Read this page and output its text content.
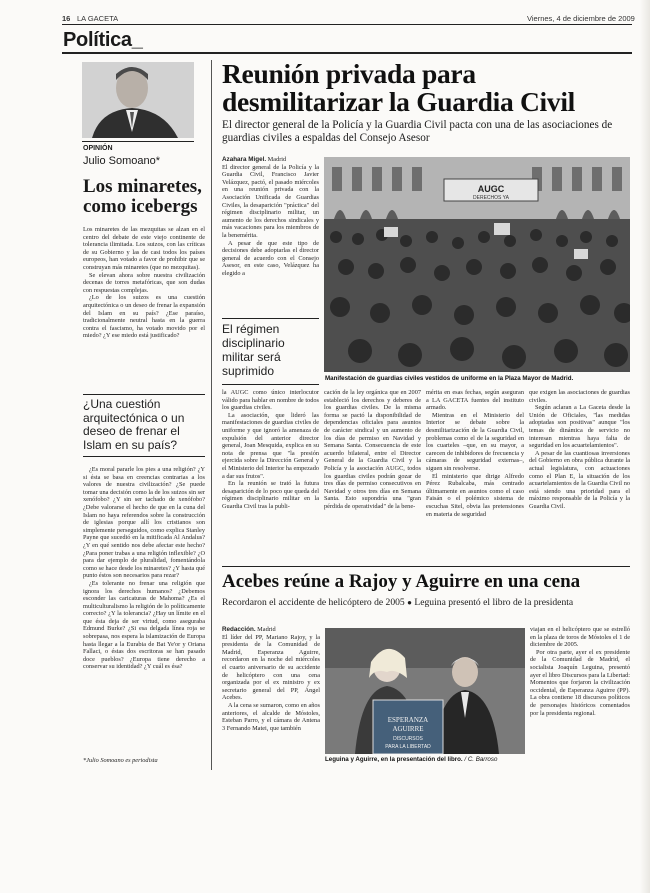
16 LA GACETA	Viernes, 4 de diciembre de 2009
Política_
OPINIÓN
Julio Somoano*
Los minaretes,
como icebergs

Los minaretes de las mezquitas se alzan en el centro del debate de este viejo continente de tolerancia ilimitada. Los suizos, con las críticas de su Gobierno y las de casi todos los países europeos, han votado a favor de prohibir que se construyan más minaretes (que no mezquitas).

Se elevan ahora sobre nuestra civilización decenas de torres metafóricas, que son dudas con respuestas complejas.

¿Lo de los suizos es una cuestión arquitectónica o un deseo de frenar la expansión del Islam en su país? ¿Ese paraíso, tradicionalmente neutral hasta en la guerra contra el fascismo, ha votado movido por el miedo? ¿Y ese miedo está justificado?

¿Una cuestión arquitectónica o un deseo de frenar el Islam en su país?

¿Es moral pararle los pies a una religión? ¿Y si ésta se basa en creencias contrarias a los valores de nuestra civilización? ¿Se puede tomar una decisión como la de los suizos sin ser xenófobo? ¿Y sin ser tachado de xenófobo? ¿Debe valorarse el hecho de que en la cuna del Islam no haya referendos sobre la construcción de iglesias porque allí los cristianos son simplemente perseguidos, como explica Stanley Payne que sucedió en la mitificada Al Andalus? ¿Y en qué sentido nos debe afectar este hecho? ¿Para poner trabas a una religión inflexible? ¿O para dar ejemplo de pluralidad, fomentándola como se hace desde los minaretes? ¿Y hasta qué punto éstos son necesarios para rezar?

¿Es tolerante no frenar una religión que ignora los derechos humanos? ¿Debemos esconder las caricaturas de Mahoma? ¿Es el multiculturalismo la religión de lo políticamente correcto? ¿Y la tolerancia? ¿Hay un límite en el que ésta deja de ser virtud, como aseguraba Edmund Burke? ¿Si esa delgada línea roja se sobrepasa, nos espera la islamización de Europa hasta llegar a la Eurabia de Bat Ye'or y Oriana Fallaci, o éstas dos escritoras se han pasado doce pueblos? ¿Europa tiene derecho a conservar su identidad? ¿Y cuál es ésa?

*Julio Somoano es periodista
Reunión privada para
desmilitarizar la Guardia Civil
El director general de la Policía y la Guardia Civil pacta con una de las asociaciones de guardias civiles a espaldas del Consejo Asesor

Azahara Migel. Madrid

El director general de la Policía y la Guardia Civil, Francisco Javier Velázquez, pactó, el pasado miércoles en una reunión privada con la Asociación Unificada de Guardias Civiles, la desaparición "práctica" del régimen disciplinario militar, un aumento de los derechos sindicales y más vacaciones para los miembros de la benemérita.

A pesar de que este tipo de decisiones debe adoptarlas el director general de acuerdo con el Consejo Asesor, en este caso, Velázquez ha elegido a

El régimen disciplinario militar será suprimido
AUGC
DERECHOS YA
Manifestación de guardias civiles vestidos de uniforme en la Plaza Mayor de Madrid.

la AUGC como único interlocutor válido para hablar en nombre de todos los guardias civiles.

La asociación, que lideró las manifestaciones de guardias civiles de uniforme y que ignoró la amenaza de expulsión del anterior director general, Joan Mesquida, explica en su nota de prensa que "la presión ejercida sobre la Dirección General y el Ministerio del Interior ha empezado a dar sus frutos".

En la reunión se trató la futura desaparición de lo poco que queda del régimen disciplinario militar en la Guardia Civil tras la publi-

cación de la ley orgánica que en 2007 estableció los derechos y deberes de los guardias civiles. De la misma forma se pactó la disponibilidad de dependencias oficiales para asuntos de carácter sindical y un aumento de los días de permiso en Navidad y Semana Santa. Consecuencia de este acuerdo bilateral, entre el Director General de la Guardia Civil y la Policía y la asociación AUGC, todos los guardias civiles podrán gozar de tres días de permiso consecutivos en Navidad y otros tres días en Semana Santa. Esto supondría una "gran pérdida de operatividad" de la bene-

mérita en esas fechas, según aseguran a LA GACETA fuentes del instituto armado.

Mientras en el Ministerio del Interior se debate sobre la desmilitarización de la Guardia Civil, problemas como el de la seguridad en los cuarteles –que, en su mayor, a carecen de inhibidores de frecuencia y cámaras de seguridad externas–, siguen sin resolverse.

El ministerio que dirige Alfredo Pérez Rubalcaba, más centrado últimamente en asuntos como el caso Faisán o el polémico sistema de escuchas Sitel, obvia las pretensiones en materia de seguridad

que exigen las asociaciones de guardias civiles.

Según aclaran a La Gaceta desde la Unión de Oficiales, "las medidas adoptadas son positivas" aunque "los temas de dinámica de servicio no interesan mientras haya falta de seguridad en los acuartelamientos".

A pesar de las cuantiosas inversiones del Gobierno en obra pública durante la actual legislatura, con actuaciones como el Plan E, la situación de los acuartelamientos de la Guardia Civil no está siendo una prioridad para el máximo responsable de la Policía y la Guardia Civil.

Acebes reúne a Rajoy y Aguirre en una cena
Recordaron el accidente de helicóptero de 2005 ● Leguina presentó el libro de la presidenta

Redacción. Madrid

El líder del PP, Mariano Rajoy, y la presidenta de la Comunidad de Madrid, Esperanza Aguirre, recordaron en la noche del miércoles el cuarto aniversario de su accidente de helicóptero con una cena organizada por el ex ministro y ex secretario general del PP, Ángel Acebes.

A la cena se sumaron, como en años anteriores, el alcalde de Móstoles, Esteban Parro, y el cámara de Antena 3 Fernando Matei, que también

ESPERANZA
AGUIRRE
DISCURSOS
PARA LA LIBERTAD
Leguina y Aguirre, en la presentación del libro. / C. Barroso

viajan en el helicóptero que se estrelló en la plaza de toros de Móstoles el 1 de diciembre de 2005.

Por otra parte, ayer el ex presidente de la Comunidad de Madrid, el socialista Joaquín Leguina, presentó ayer el libro Discursos para la Libertad: Momentos que forjaron la civilización occidental, de Esperanza Aguirre (PP). La obra contiene 18 discursos políticos de personajes históricos comentados por la presidenta regional.
